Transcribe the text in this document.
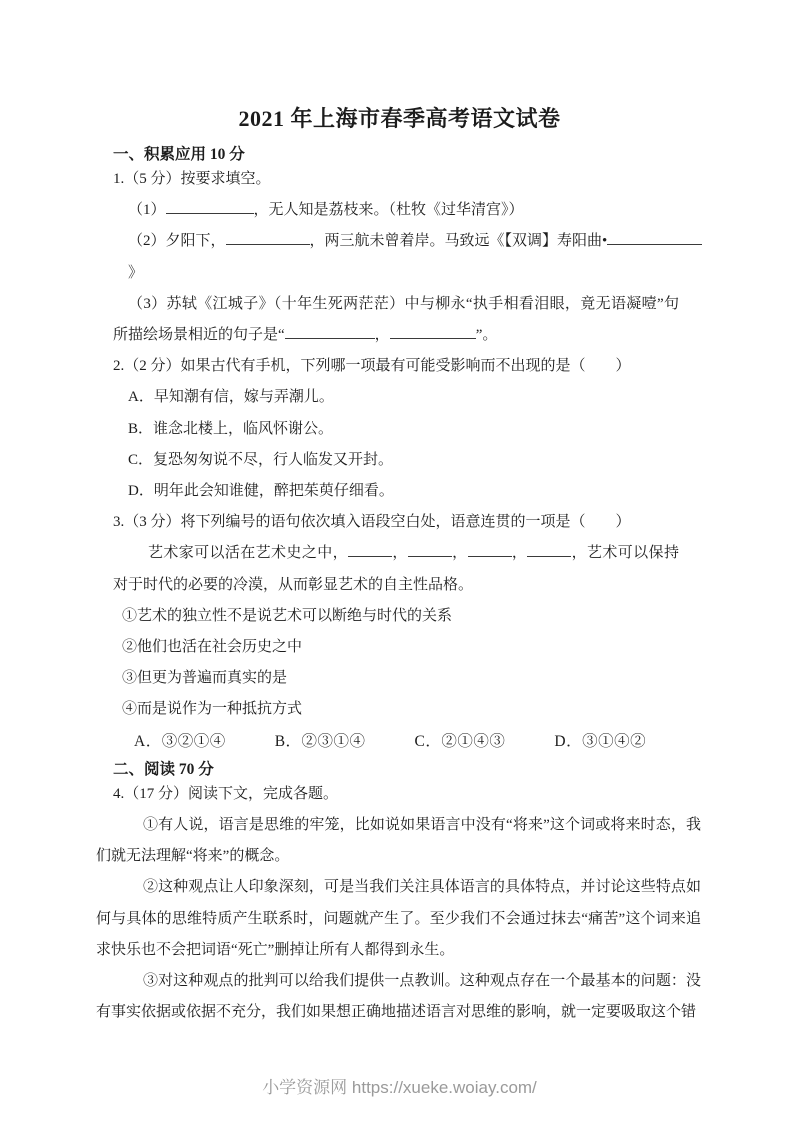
2021 年上海市春季高考语文试卷
一、积累应用 10 分

1.（5 分）按要求填空。

（1）	，无人知是荔枝来。（杜牧《过华清宫》）

（2）夕阳下，	，两三航未曾着岸。马致远《【双调】寿阳曲•》

（3）苏轼《江城子》（十年生死两茫茫）中与柳永“执手相看泪眼，竟无语凝噎”句所描绘场景相近的句子是“	，	”。

2.（2 分）如果古代有手机，下列哪一项最有可能受影响而不出现的是（　　）

A．早知潮有信，嫁与弄潮儿。

B．谁念北楼上，临风怀谢公。

C．复恐匆匆说不尽，行人临发又开封。

D．明年此会知谁健，醉把茱萸仔细看。

3.（3 分）将下列编号的语句依次填入语段空白处，语意连贯的一项是（　　）

艺术家可以活在艺术史之中，	，	，	，	，艺术可以保持对于时代的必要的冷漠，从而彰显艺术的自主性品格。

①艺术的独立性不是说艺术可以断绝与时代的关系

②他们也活在社会历史之中

③但更为普遍而真实的是

④而是说作为一种抵抗方式

A．③②①④	B．②③①④	C．②①④③	D．③①④②
二、阅读 70 分

4.（17 分）阅读下文，完成各题。

①有人说，语言是思维的牢笼，比如说如果语言中没有“将来”这个词或将来时态，我们就无法理解“将来”的概念。

②这种观点让人印象深刻，可是当我们关注具体语言的具体特点，并讨论这些特点如何与具体的思维特质产生联系时，问题就产生了。至少我们不会通过抹去“痛苦”这个词来追求快乐也不会把词语“死亡”删掉让所有人都得到永生。

③对这种观点的批判可以给我们提供一点教训。这种观点存在一个最基本的问题：没有事实依据或依据不充分，我们如果想正确地描述语言对思维的影响，就一定要吸取这个错

小学资源网 https://xueke.woiay.com/
